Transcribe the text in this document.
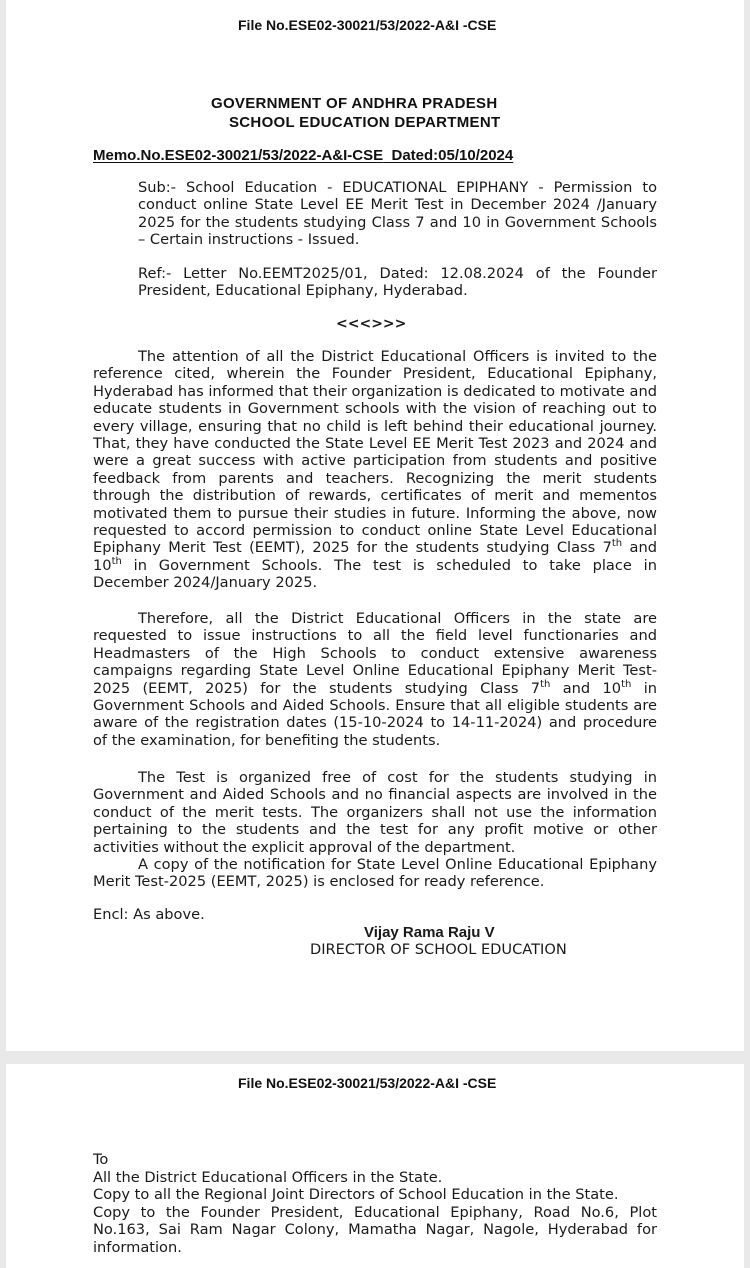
File No.ESE02-30021/53/2022-A&I -CSE
GOVERNMENT OF ANDHRA PRADESH
SCHOOL EDUCATION DEPARTMENT
Memo.No.ESE02-30021/53/2022-A&I-CSE Dated:05/10/2024

Sub:- School Education - EDUCATIONAL EPIPHANY - Permission to conduct online State Level EE Merit Test in December 2024 /January 2025 for the students studying Class 7 and 10 in Government Schools – Certain instructions - Issued.

Ref:- Letter No.EEMT2025/01, Dated: 12.08.2024 of the Founder President, Educational Epiphany, Hyderabad.

<<<>>>

The attention of all the District Educational Officers is invited to the reference cited, wherein the Founder President, Educational Epiphany, Hyderabad has informed that their organization is dedicated to motivate and educate students in Government schools with the vision of reaching out to every village, ensuring that no child is left behind their educational journey. That, they have conducted the State Level EE Merit Test 2023 and 2024 and were a great success with active participation from students and positive feedback from parents and teachers. Recognizing the merit students through the distribution of rewards, certificates of merit and mementos motivated them to pursue their studies in future. Informing the above, now requested to accord permission to conduct online State Level Educational Epiphany Merit Test (EEMT), 2025 for the students studying Class 7th and 10th in Government Schools. The test is scheduled to take place in December 2024/January 2025.

Therefore, all the District Educational Officers in the state are requested to issue instructions to all the field level functionaries and Headmasters of the High Schools to conduct extensive awareness campaigns regarding State Level Online Educational Epiphany Merit Test-2025 (EEMT, 2025) for the students studying Class 7th and 10th in Government Schools and Aided Schools. Ensure that all eligible students are aware of the registration dates (15-10-2024 to 14-11-2024) and procedure of the examination, for benefiting the students.

The Test is organized free of cost for the students studying in Government and Aided Schools and no financial aspects are involved in the conduct of the merit tests. The organizers shall not use the information pertaining to the students and the test for any profit motive or other activities without the explicit approval of the department.

A copy of the notification for State Level Online Educational Epiphany Merit Test-2025 (EEMT, 2025) is enclosed for ready reference.

Encl: As above.
Vijay Rama Raju V
DIRECTOR OF SCHOOL EDUCATION
File No.ESE02-30021/53/2022-A&I -CSE
To
All the District Educational Officers in the State.
Copy to all the Regional Joint Directors of School Education in the State.

Copy to the Founder President, Educational Epiphany, Road No.6, Plot No.163, Sai Ram Nagar Colony, Mamatha Nagar, Nagole, Hyderabad for information.
